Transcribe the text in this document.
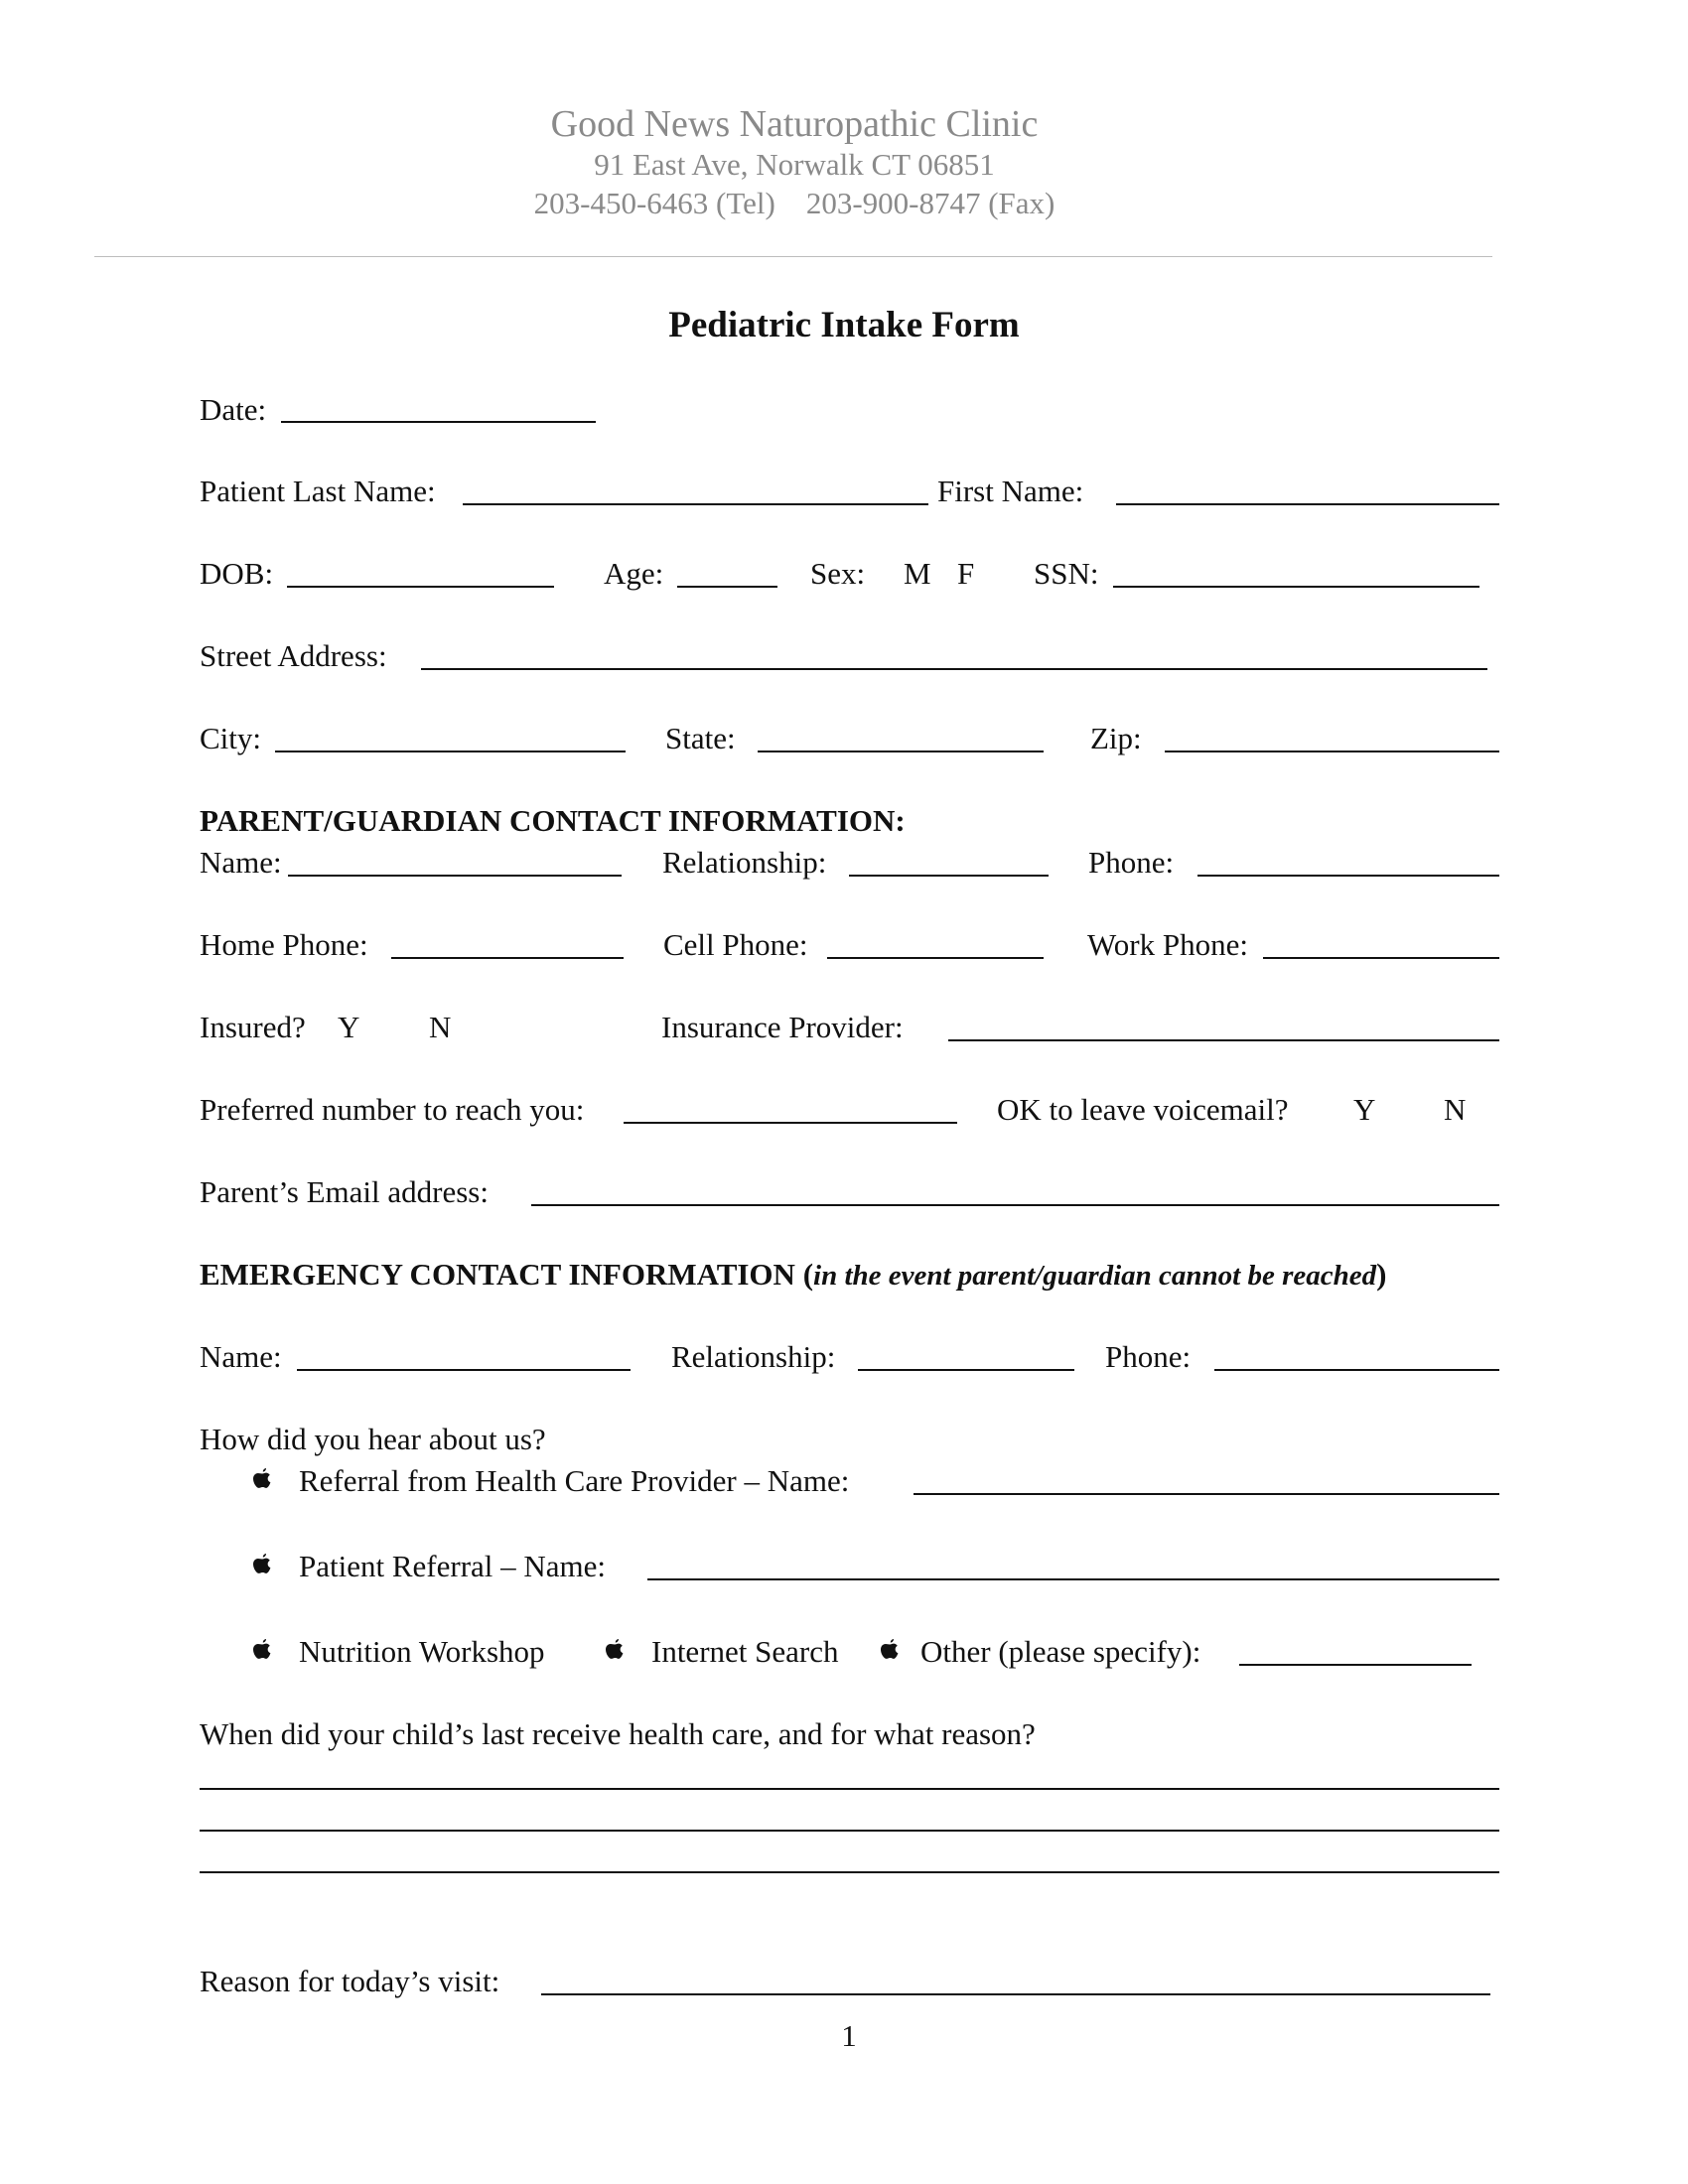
Good News Naturopathic Clinic
91 East Ave, Norwalk CT 06851
203-450-6463 (Tel) 203-900-8747 (Fax)
Pediatric Intake Form
Date:
Patient Last Name:	First Name:
DOB:	Age:	Sex: M F SSN:
Street Address:
City:	State:	Zip:
PARENT/GUARDIAN CONTACT INFORMATION:
Name:	Relationship:	Phone:
Home Phone:	Cell Phone:	Work Phone:
Insured? Y N	Insurance Provider:
Preferred number to reach you:	OK to leave voicemail? Y N
Parent’s Email address:
EMERGENCY CONTACT INFORMATION (in the event parent/guardian cannot be reached)
Name:	Relationship:	Phone:
How did you hear about us?
Referral from Health Care Provider – Name:
Patient Referral – Name:
Nutrition Workshop	Internet Search	Other (please specify):
When did your child’s last receive health care, and for what reason?
Reason for today’s visit:
1
